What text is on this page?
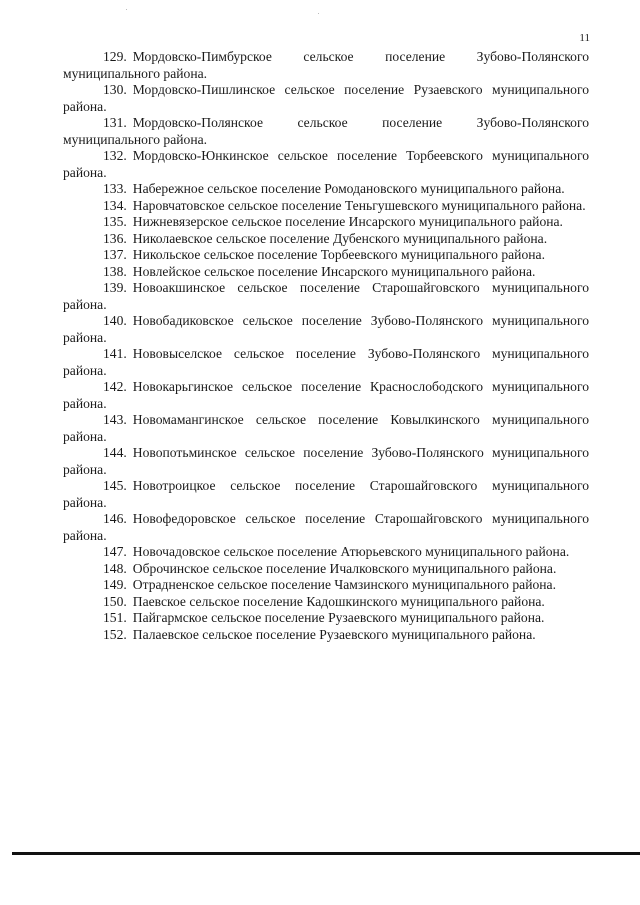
11

129. Мордовско-Пимбурское сельское поселение Зубово-Полянского муниципального района.

130. Мордовско-Пишлинское сельское поселение Рузаевского муниципального района.

131. Мордовско-Полянское сельское поселение Зубово-Полянского муниципального района.

132. Мордовско-Юнкинское сельское поселение Торбеевского муниципального района.

133. Набережное сельское поселение Ромодановского муниципального района.

134. Наровчатовское сельское поселение Теньгушевского муниципального района.

135. Нижневязерское сельское поселение Инсарского муниципального района.

136. Николаевское сельское поселение Дубенского муниципального района.

137. Никольское сельское поселение Торбеевского муниципального района.

138. Новлейское сельское поселение Инсарского муниципального района.

139. Новоакшинское сельское поселение Старошайговского муниципального района.

140. Новобадиковское сельское поселение Зубово-Полянского муниципального района.

141. Нововыселское сельское поселение Зубово-Полянского муниципального района.

142. Новокарьгинское сельское поселение Краснослободского муниципального района.

143. Новомамангинское сельское поселение Ковылкинского муниципального района.

144. Новопотьминское сельское поселение Зубово-Полянского муниципального района.

145. Новотроицкое сельское поселение Старошайговского муниципального района.

146. Новофедоровское сельское поселение Старошайговского муниципального района.

147. Новочадовское сельское поселение Атюрьевского муниципального района.

148. Оброчинское сельское поселение Ичалковского муниципального района.

149. Отрадненское сельское поселение Чамзинского муниципального района.

150. Паевское сельское поселение Кадошкинского муниципального района.

151. Пайгармское сельское поселение Рузаевского муниципального района.

152. Палаевское сельское поселение Рузаевского муниципального района.
